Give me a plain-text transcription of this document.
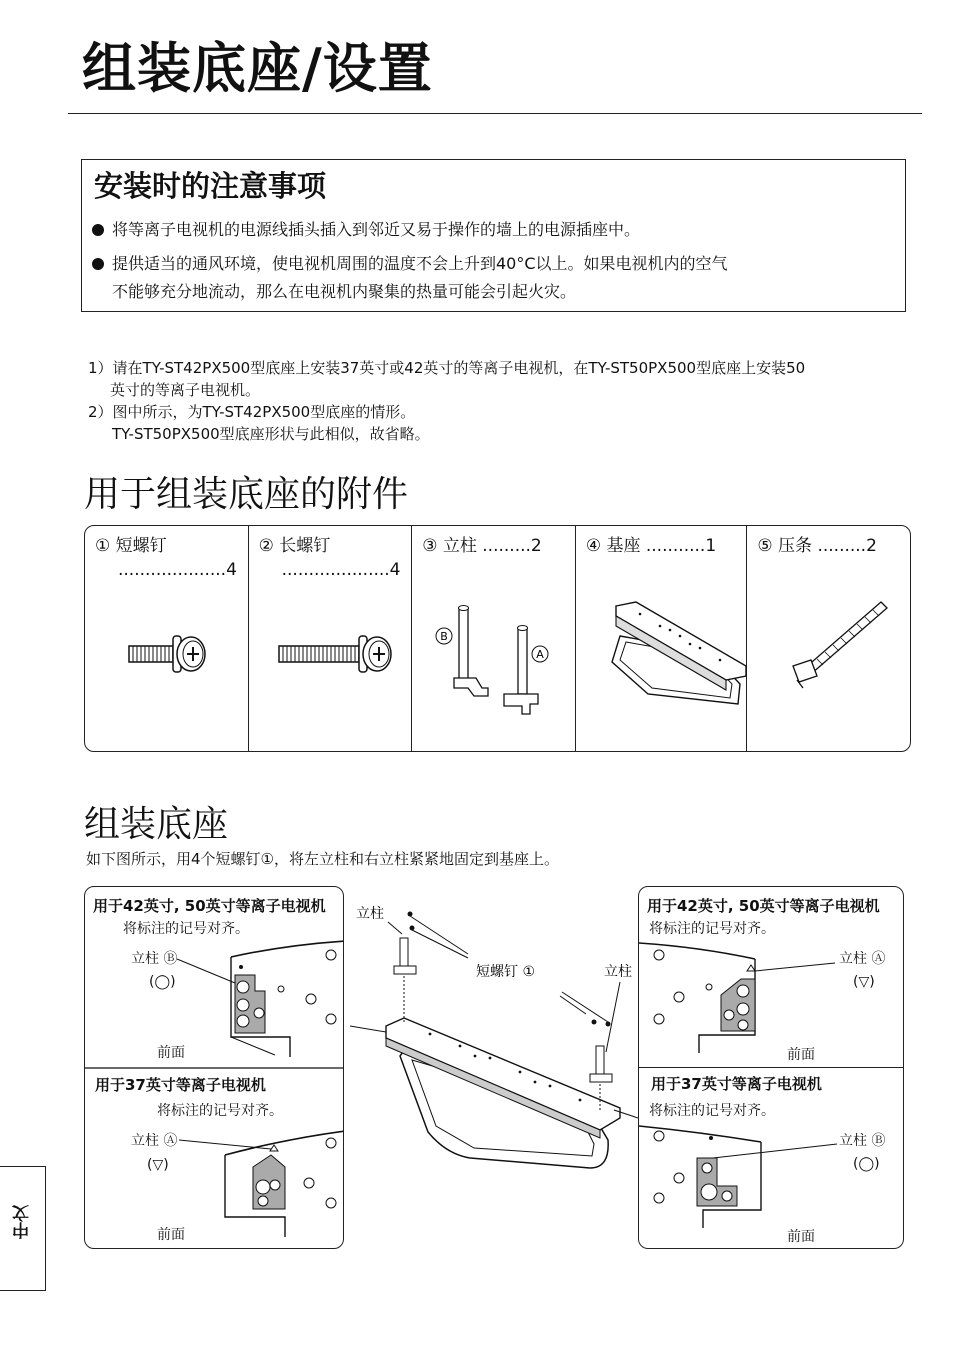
组装底座/设置
安装时的注意事项
将等离子电视机的电源线插头插入到邻近又易于操作的墙上的电源插座中。
提供适当的通风环境，使电视机周围的温度不会上升到40°C以上。如果电视机内的空气
不能够充分地流动，那么在电视机内聚集的热量可能会引起火灾。
1）请在TY-ST42PX500型底座上安装37英寸或42英寸的等离子电视机，在TY-ST50PX500型底座上安装50
英寸的等离子电视机。
2）图中所示，为TY-ST42PX500型底座的情形。
TY-ST50PX500型底座形状与此相似，故省略。
用于组装底座的附件
① 短螺钉
....................4
② 长螺钉
....................4
③ 立柱 .........2
B
A
④ 基座 ...........1 ⑤ 压条 .........2
组装底座
如下图所示，用4个短螺钉①，将左立柱和右立柱紧紧地固定到基座上。
用于42英寸, 50英寸等离子电视机
将标注的记号对齐。
立柱 Ⓑ
(◯)
前面
用于37英寸等离子电视机
将标注的记号对齐。
立柱 Ⓐ
(▽)
前面
立柱
短螺钉 ①	立柱
用于42英寸, 50英寸等离子电视机
将标注的记号对齐。
立柱 Ⓐ
(▽)
前面
用于37英寸等离子电视机
将标注的记号对齐。
立柱 Ⓑ
(◯)
前面
中文
